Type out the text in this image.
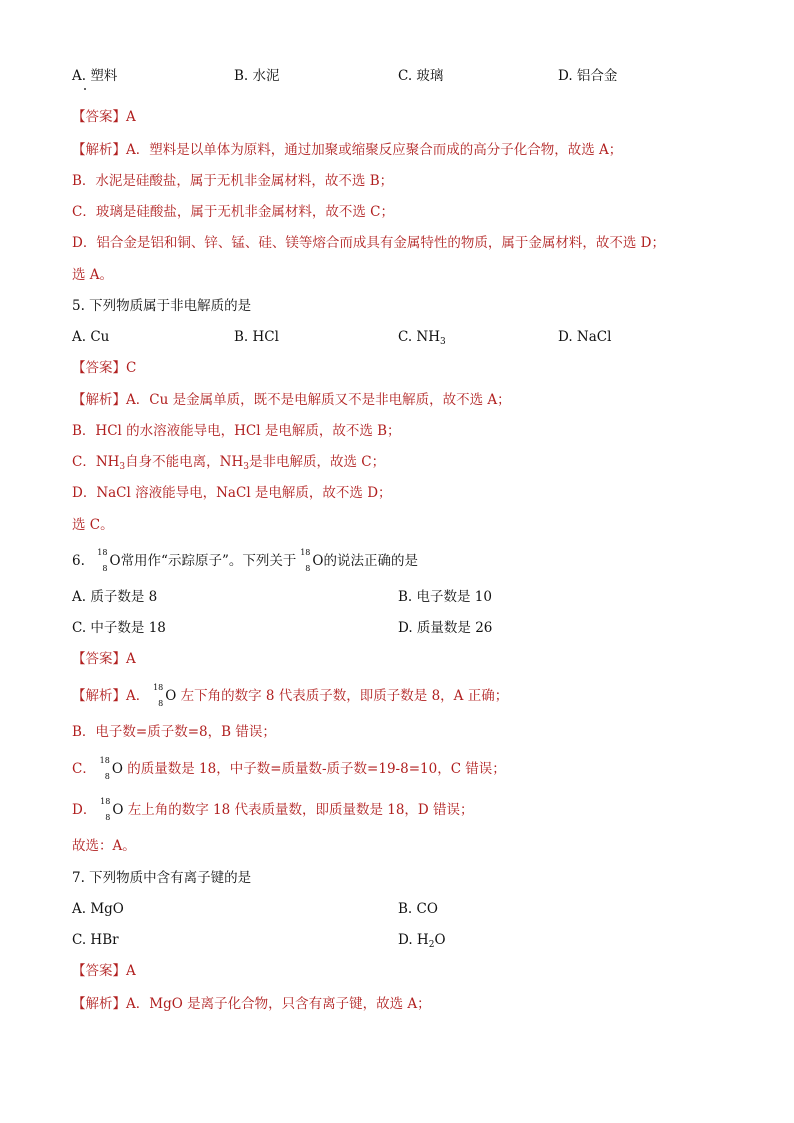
A. 塑料	B. 水泥	C. 玻璃	D. 铝合金
【答案】A
【解析】A．塑料是以单体为原料，通过加聚或缩聚反应聚合而成的高分子化合物，故选 A；
B．水泥是硅酸盐，属于无机非金属材料，故不选 B；
C．玻璃是硅酸盐，属于无机非金属材料，故不选 C；
D．铝合金是铝和铜、锌、锰、硅、镁等熔合而成具有金属特性的物质，属于金属材料，故不选 D；
选 A。
5. 下列物质属于非电解质的是
A. Cu	B. HCl	C. $NH_3$	D. NaCl
【答案】C
【解析】A．Cu 是金属单质，既不是电解质又不是非电解质，故不选 A；
B．HCl 的水溶液能导电，HCl 是电解质，故不选 B；
C．$NH_3$自身不能电离，$NH_3$是非电解质，故选 C；
D．NaCl 溶液能导电，NaCl 是电解质，故不选 D；
选 C。
6.
18
8 O常用作“示踪原子”。下列关于
18
8 O的说法正确的是
A. 质子数是 8	B. 电子数是 10
C. 中子数是 18	D. 质量数是 26
【答案】A
【解析】A．
18
8 O 左下角的数字 8 代表质子数，即质子数是 8，A 正确；
B．电子数=质子数=8，B 错误；
C．
18
8 O 的质量数是 18，中子数=质量数-质子数=19-8=10，C 错误；
D．
18
8 O 左上角的数字 18 代表质量数，即质量数是 18，D 错误；
故选：A。
7. 下列物质中含有离子键的是
A. MgO	B. CO
C. HBr	D. $H_2O$
【答案】A
【解析】A．MgO 是离子化合物，只含有离子键，故选 A；
